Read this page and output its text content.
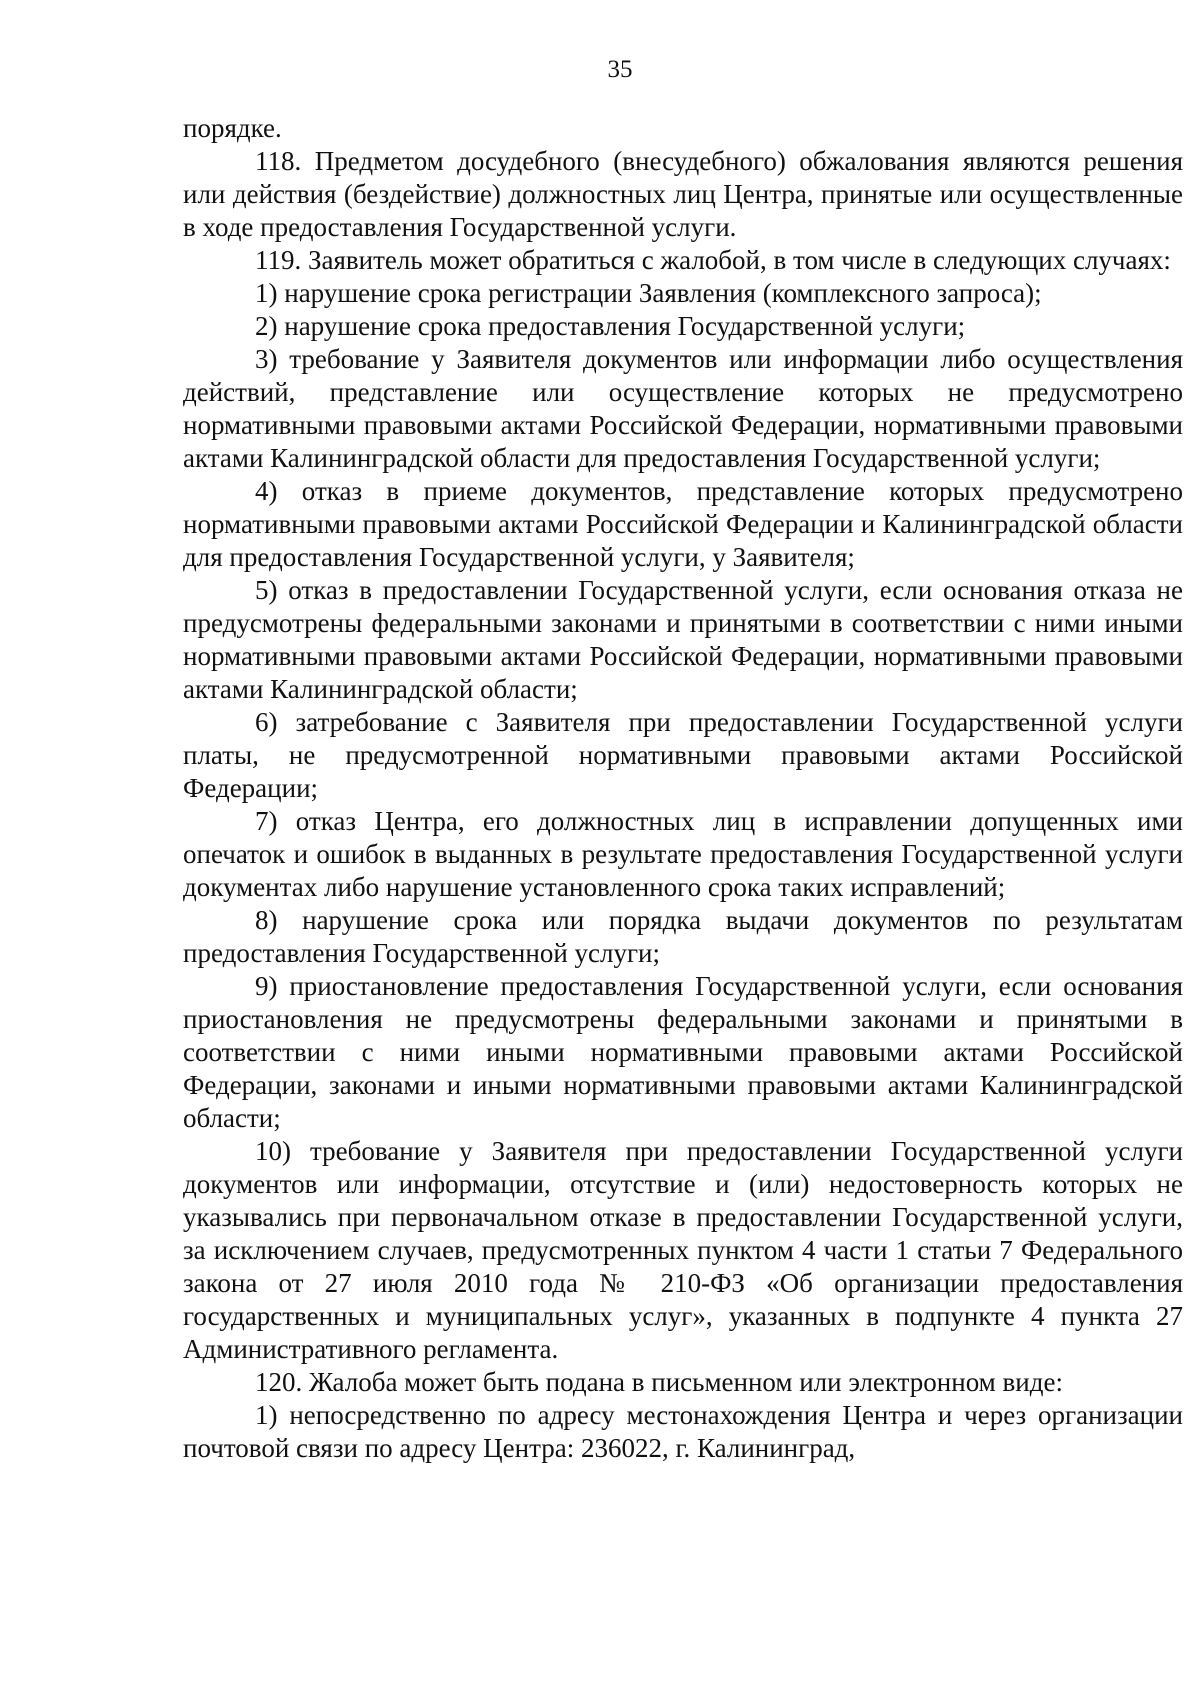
35

порядке.

118. Предметом досудебного (внесудебного) обжалования являются решения или действия (бездействие) должностных лиц Центра, принятые или осуществленные в ходе предоставления Государственной услуги.

119. Заявитель может обратиться с жалобой, в том числе в следующих случаях:

1) нарушение срока регистрации Заявления (комплексного запроса);

2) нарушение срока предоставления Государственной услуги;

3) требование у Заявителя документов или информации либо осуществления действий, представление или осуществление которых не предусмотрено нормативными правовыми актами Российской Федерации, нормативными правовыми актами Калининградской области для предоставления Государственной услуги;

4) отказ в приеме документов, представление которых предусмотрено нормативными правовыми актами Российской Федерации и Калининградской области для предоставления Государственной услуги, у Заявителя;

5) отказ в предоставлении Государственной услуги, если основания отказа не предусмотрены федеральными законами и принятыми в соответствии с ними иными нормативными правовыми актами Российской Федерации, нормативными правовыми актами Калининградской области;

6) затребование с Заявителя при предоставлении Государственной услуги платы, не предусмотренной нормативными правовыми актами Российской Федерации;

7) отказ Центра, его должностных лиц в исправлении допущенных ими опечаток и ошибок в выданных в результате предоставления Государственной услуги документах либо нарушение установленного срока таких исправлений;

8) нарушение срока или порядка выдачи документов по результатам предоставления Государственной услуги;

9) приостановление предоставления Государственной услуги, если основания приостановления не предусмотрены федеральными законами и принятыми в соответствии с ними иными нормативными правовыми актами Российской Федерации, законами и иными нормативными правовыми актами Калининградской области;

10) требование у Заявителя при предоставлении Государственной услуги документов или информации, отсутствие и (или) недостоверность которых не указывались при первоначальном отказе в предоставлении Государственной услуги, за исключением случаев, предусмотренных пунктом 4 части 1 статьи 7 Федерального закона от 27 июля 2010 года № 210-ФЗ «Об организации предоставления государственных и муниципальных услуг», указанных в подпункте 4 пункта 27 Административного регламента.

120. Жалоба может быть подана в письменном или электронном виде:

1) непосредственно по адресу местонахождения Центра и через организации почтовой связи по адресу Центра: 236022, г. Калининград,
